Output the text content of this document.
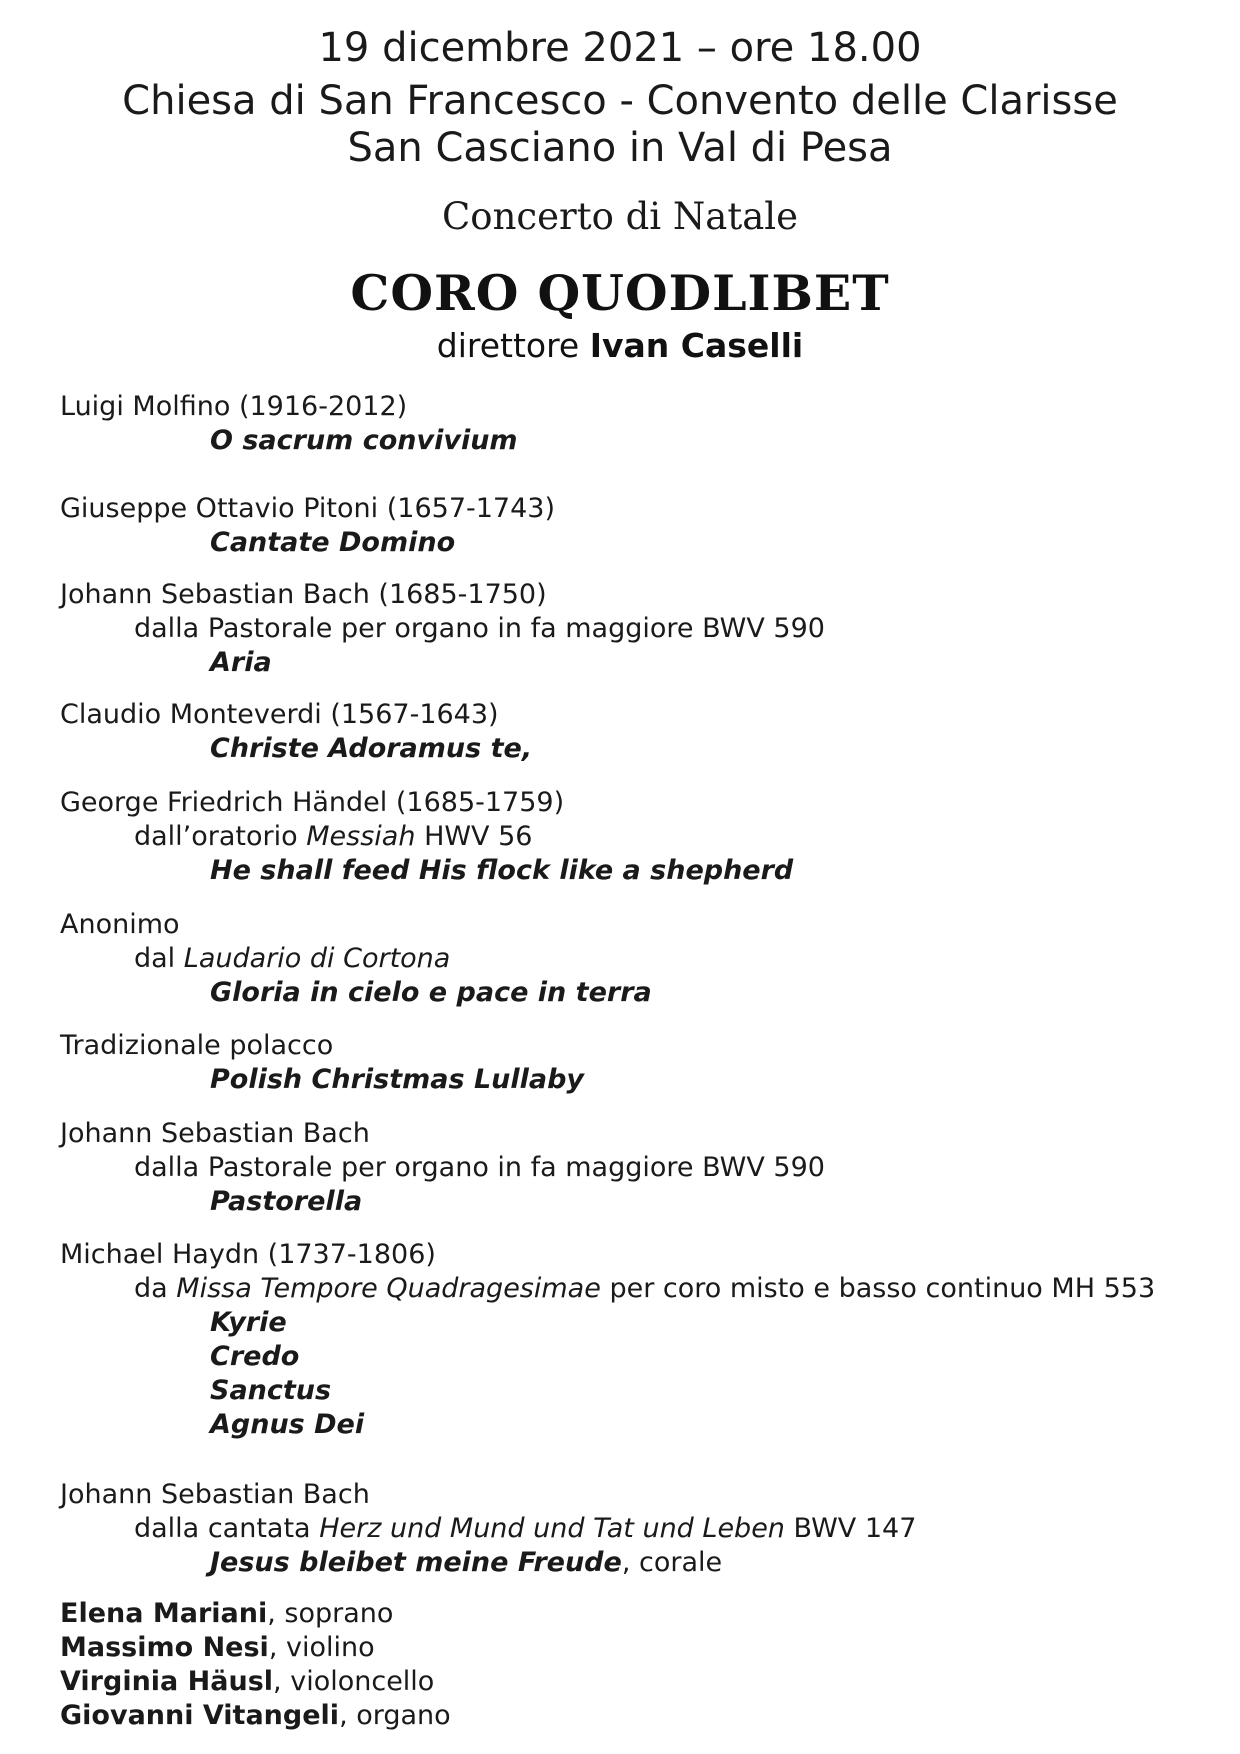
19 dicembre 2021 – ore 18.00
Chiesa di San Francesco - Convento delle Clarisse
San Casciano in Val di Pesa
Concerto di Natale
CORO QUODLIBET
direttore Ivan Caselli
Luigi Molfino (1916-2012)
O sacrum convivium
Giuseppe Ottavio Pitoni (1657-1743)
Cantate Domino
Johann Sebastian Bach (1685-1750)
dalla Pastorale per organo in fa maggiore BWV 590
Aria
Claudio Monteverdi (1567-1643)
Christe Adoramus te,
George Friedrich Händel (1685-1759)
dall’oratorio Messiah HWV 56
He shall feed His flock like a shepherd
Anonimo
dal Laudario di Cortona
Gloria in cielo e pace in terra
Tradizionale polacco
Polish Christmas Lullaby
Johann Sebastian Bach
dalla Pastorale per organo in fa maggiore BWV 590
Pastorella
Michael Haydn (1737-1806)
da Missa Tempore Quadragesimae per coro misto e basso continuo MH 553
Kyrie
Credo
Sanctus
Agnus Dei
Johann Sebastian Bach
dalla cantata Herz und Mund und Tat und Leben BWV 147
Jesus bleibet meine Freude, corale
Elena Mariani, soprano
Massimo Nesi, violino
Virginia Häusl, violoncello
Giovanni Vitangeli, organo
